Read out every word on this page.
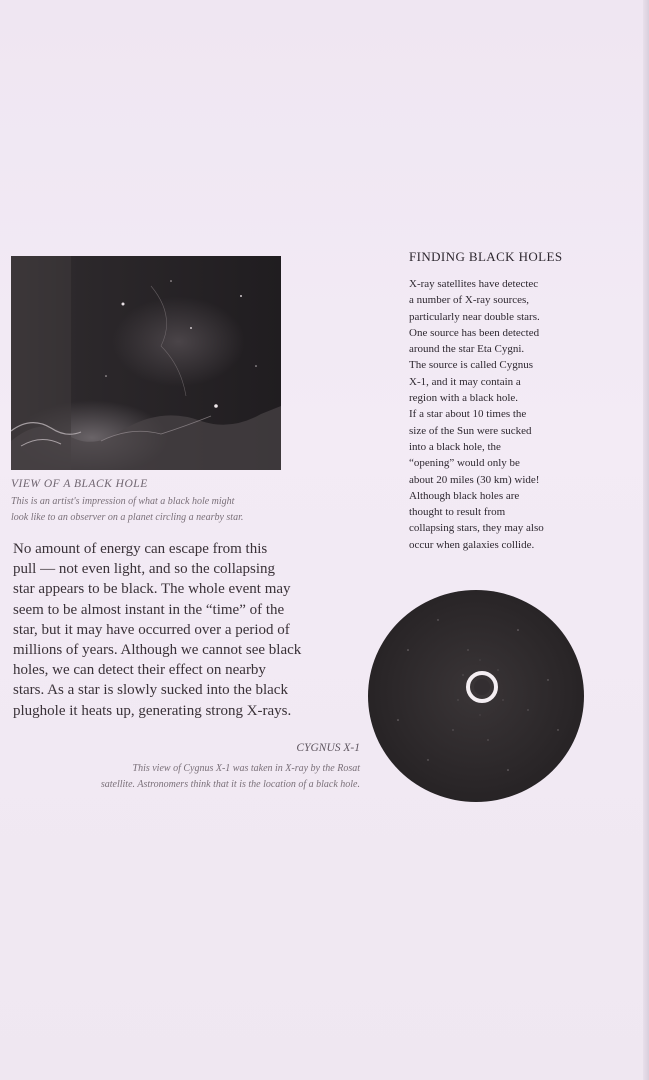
VIEW OF A BLACK HOLE
This is an artist's impression of what a black hole might
look like to an observer on a planet circling a nearby star.
No amount of energy can escape from this
pull — not even light, and so the collapsing
star appears to be black. The whole event may
seem to be almost instant in the “time” of the
star, but it may have occurred over a period of
millions of years. Although we cannot see black
holes, we can detect their effect on nearby
stars. As a star is slowly sucked into the black
plughole it heats up, generating strong X-rays.
FINDING BLACK HOLES
X-ray satellites have detectec
a number of X-ray sources,
particularly near double stars.
One source has been detected
around the star Eta Cygni.
The source is called Cygnus
X-1, and it may contain a
region with a black hole.
If a star about 10 times the
size of the Sun were sucked
into a black hole, the
“opening” would only be
about 20 miles (30 km) wide!
Although black holes are
thought to result from
collapsing stars, they may also
occur when galaxies collide.
CYGNUS X-1
This view of Cygnus X-1 was taken in X-ray by the Rosat
satellite. Astronomers think that it is the location of a black hole.
